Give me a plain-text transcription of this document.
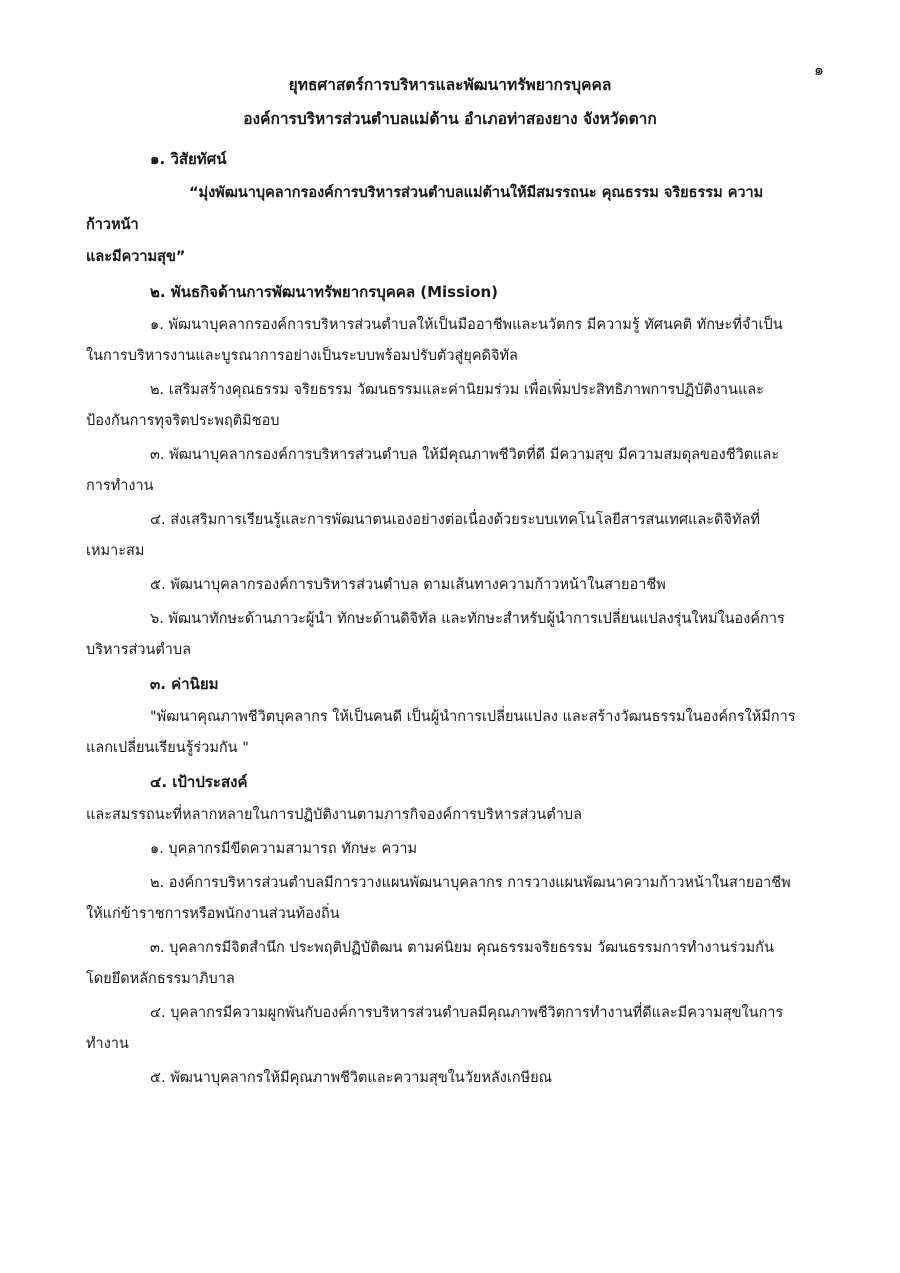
๑

ยุทธศาสตร์การบริหารและพัฒนาทรัพยากรบุคคล

องค์การบริหารส่วนตำบลแม่ต้าน อำเภอท่าสองยาง จังหวัดตาก

๑. วิสัยทัศน์

“มุ่งพัฒนาบุคลากรองค์การบริหารส่วนตำบลแม่ต้านให้มีสมรรถนะ คุณธรรม จริยธรรม ความก้าวหน้า
และมีความสุข”

๒. พันธกิจด้านการพัฒนาทรัพยากรบุคคล (Mission)

๑. พัฒนาบุคลากรองค์การบริหารส่วนตำบลให้เป็นมืออาชีพและนวัตกร มีความรู้ ทัศนคติ ทักษะที่จำเป็น
ในการบริหารงานและบูรณาการอย่างเป็นระบบพร้อมปรับตัวสู่ยุคดิจิทัล

๒. เสริมสร้างคุณธรรม จริยธรรม วัฒนธรรมและค่านิยมร่วม เพื่อเพิ่มประสิทธิภาพการปฏิบัติงานและ
ป้องกันการทุจริตประพฤติมิชอบ

๓. พัฒนาบุคลากรองค์การบริหารส่วนตำบล ให้มีคุณภาพชีวิตที่ดี มีความสุข มีความสมดุลของชีวิตและ
การทำงาน

๔. ส่งเสริมการเรียนรู้และการพัฒนาตนเองอย่างต่อเนื่องด้วยระบบเทคโนโลยีสารสนเทศและดิจิทัลที่
เหมาะสม

๕. พัฒนาบุคลากรองค์การบริหารส่วนตำบล ตามเส้นทางความก้าวหน้าในสายอาชีพ

๖. พัฒนาทักษะด้านภาวะผู้นำ ทักษะด้านดิจิทัล และทักษะสำหรับผู้นำการเปลี่ยนแปลงรุ่นใหม่ในองค์การ
บริหารส่วนตำบล

๓. ค่านิยม

"พัฒนาคุณภาพชีวิตบุคลากร ให้เป็นคนดี เป็นผู้นำการเปลี่ยนแปลง และสร้างวัฒนธรรมในองค์กรให้มีการ
แลกเปลี่ยนเรียนรู้ร่วมกัน "

๔. เป้าประสงค์

และสมรรถนะที่หลากหลายในการปฏิบัติงานตามภารกิจองค์การบริหารส่วนตำบล

๑. บุคลากรมีขีดความสามารถ ทักษะ ความ

๒. องค์การบริหารส่วนตำบลมีการวางแผนพัฒนาบุคลากร การวางแผนพัฒนาความก้าวหน้าในสายอาชีพ
ให้แก่ข้าราชการหรือพนักงานส่วนท้องถิ่น

๓. บุคลากรมีจิตสำนึก ประพฤติปฏิบัติฒน ตามค่นิยม คุณธรรมจริยธรรม วัฒนธรรมการทำงานร่วมกัน
โดยยึดหลักธรรมาภิบาล

๔. บุคลากรมีความผูกพันกับองค์การบริหารส่วนตำบลมีคุณภาพชีวิตการทำงานที่ดีและมีความสุขในการ
ทำงาน

๕. พัฒนาบุคลากรให้มีคุณภาพชีวิตและความสุขในวัยหลังเกษียณ
